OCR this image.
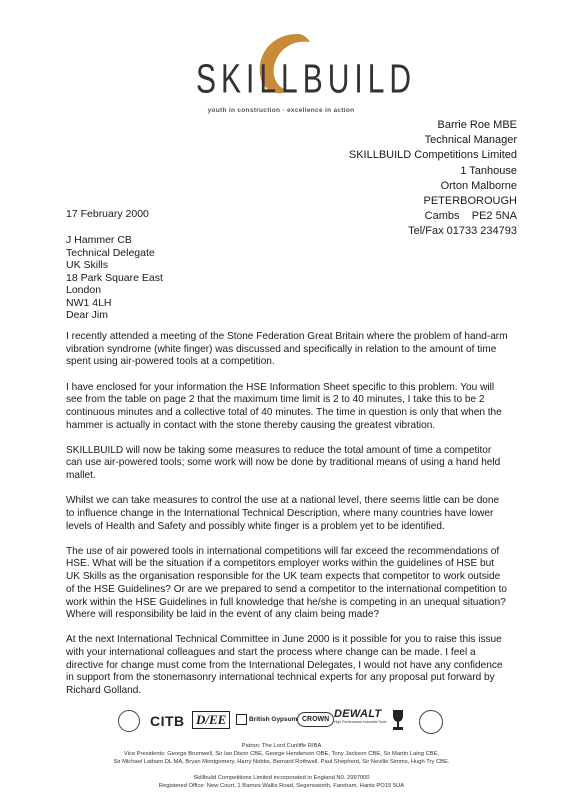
SKILLBUILD
youth in construction · excellence in action
Barrie Roe MBE
Technical Manager
SKILLBUILD Competitions Limited
1 Tanhouse
Orton Malborne
PETERBOROUGH
Cambs    PE2 5NA
Tel/Fax 01733 234793
17 February 2000
J Hammer CB
Technical Delegate
UK Skills
18 Park Square East
London
NW1 4LH
Dear Jim

I recently attended a meeting of the Stone Federation Great Britain where the problem of hand-arm vibration syndrome (white finger) was discussed and specifically in relation to the amount of time spent using air-powered tools at a competition.

I have enclosed for your information the HSE Information Sheet specific to this problem. You will see from the table on page 2 that the maximum time limit is 2 to 40 minutes, I take this to be 2 continuous minutes and a collective total of 40 minutes. The time in question is only that when the hammer is actually in contact with the stone thereby causing the greatest vibration.

SKILLBUILD will now be taking some measures to reduce the total amount of time a competitor can use air-powered tools; some work will now be done by traditional means of using a hand held mallet.

Whilst we can take measures to control the use at a national level, there seems little can be done to influence change in the International Technical Description, where many countries have lower levels of Health and Safety and possibly white finger is a problem yet to be identified.

The use of air powered tools in international competitions will far exceed the recommendations of HSE. What will be the situation if a competitors employer works within the guidelines of HSE but UK Skills as the organisation responsible for the UK team expects that competitor to work outside of the HSE Guidelines? Or are we prepared to send a competitor to the international competition to work within the HSE Guidelines in full knowledge that he/she is competing in an unequal situation? Where will responsibility be laid in the event of any claim being made?

At the next International Technical Committee in June 2000 is it possible for you to raise this issue with your international colleagues and start the process where change can be made. I feel a directive for change must come from the International Delegates, I would not have any confidence in support from the stonemasonry international technical experts for any proposal put forward by Richard Golland.

CITB D/EE	British Gypsum CROWN DEWALT
High Performance Industrial Tools
Patron: The Lord Cunliffe RIBA
Vice Presidents: George Brumwell, Sir Ian Dixon CBE, George Henderson OBE, Tony Jackson CBE, Sir Martin Laing CBE,
Sir Michael Latham DL MA, Bryan Montgomery, Harry Nobbs, Bernard Rothwell, Paul Shepherd, Sir Neville Simms, Hugh Try CBE.
Skillbuild Competitions Limited incorporated in England N0. 2997000
Registered Office: New Court, 1 Barnes Wallis Road, Segensworth, Fareham, Hants PO15 5UA
